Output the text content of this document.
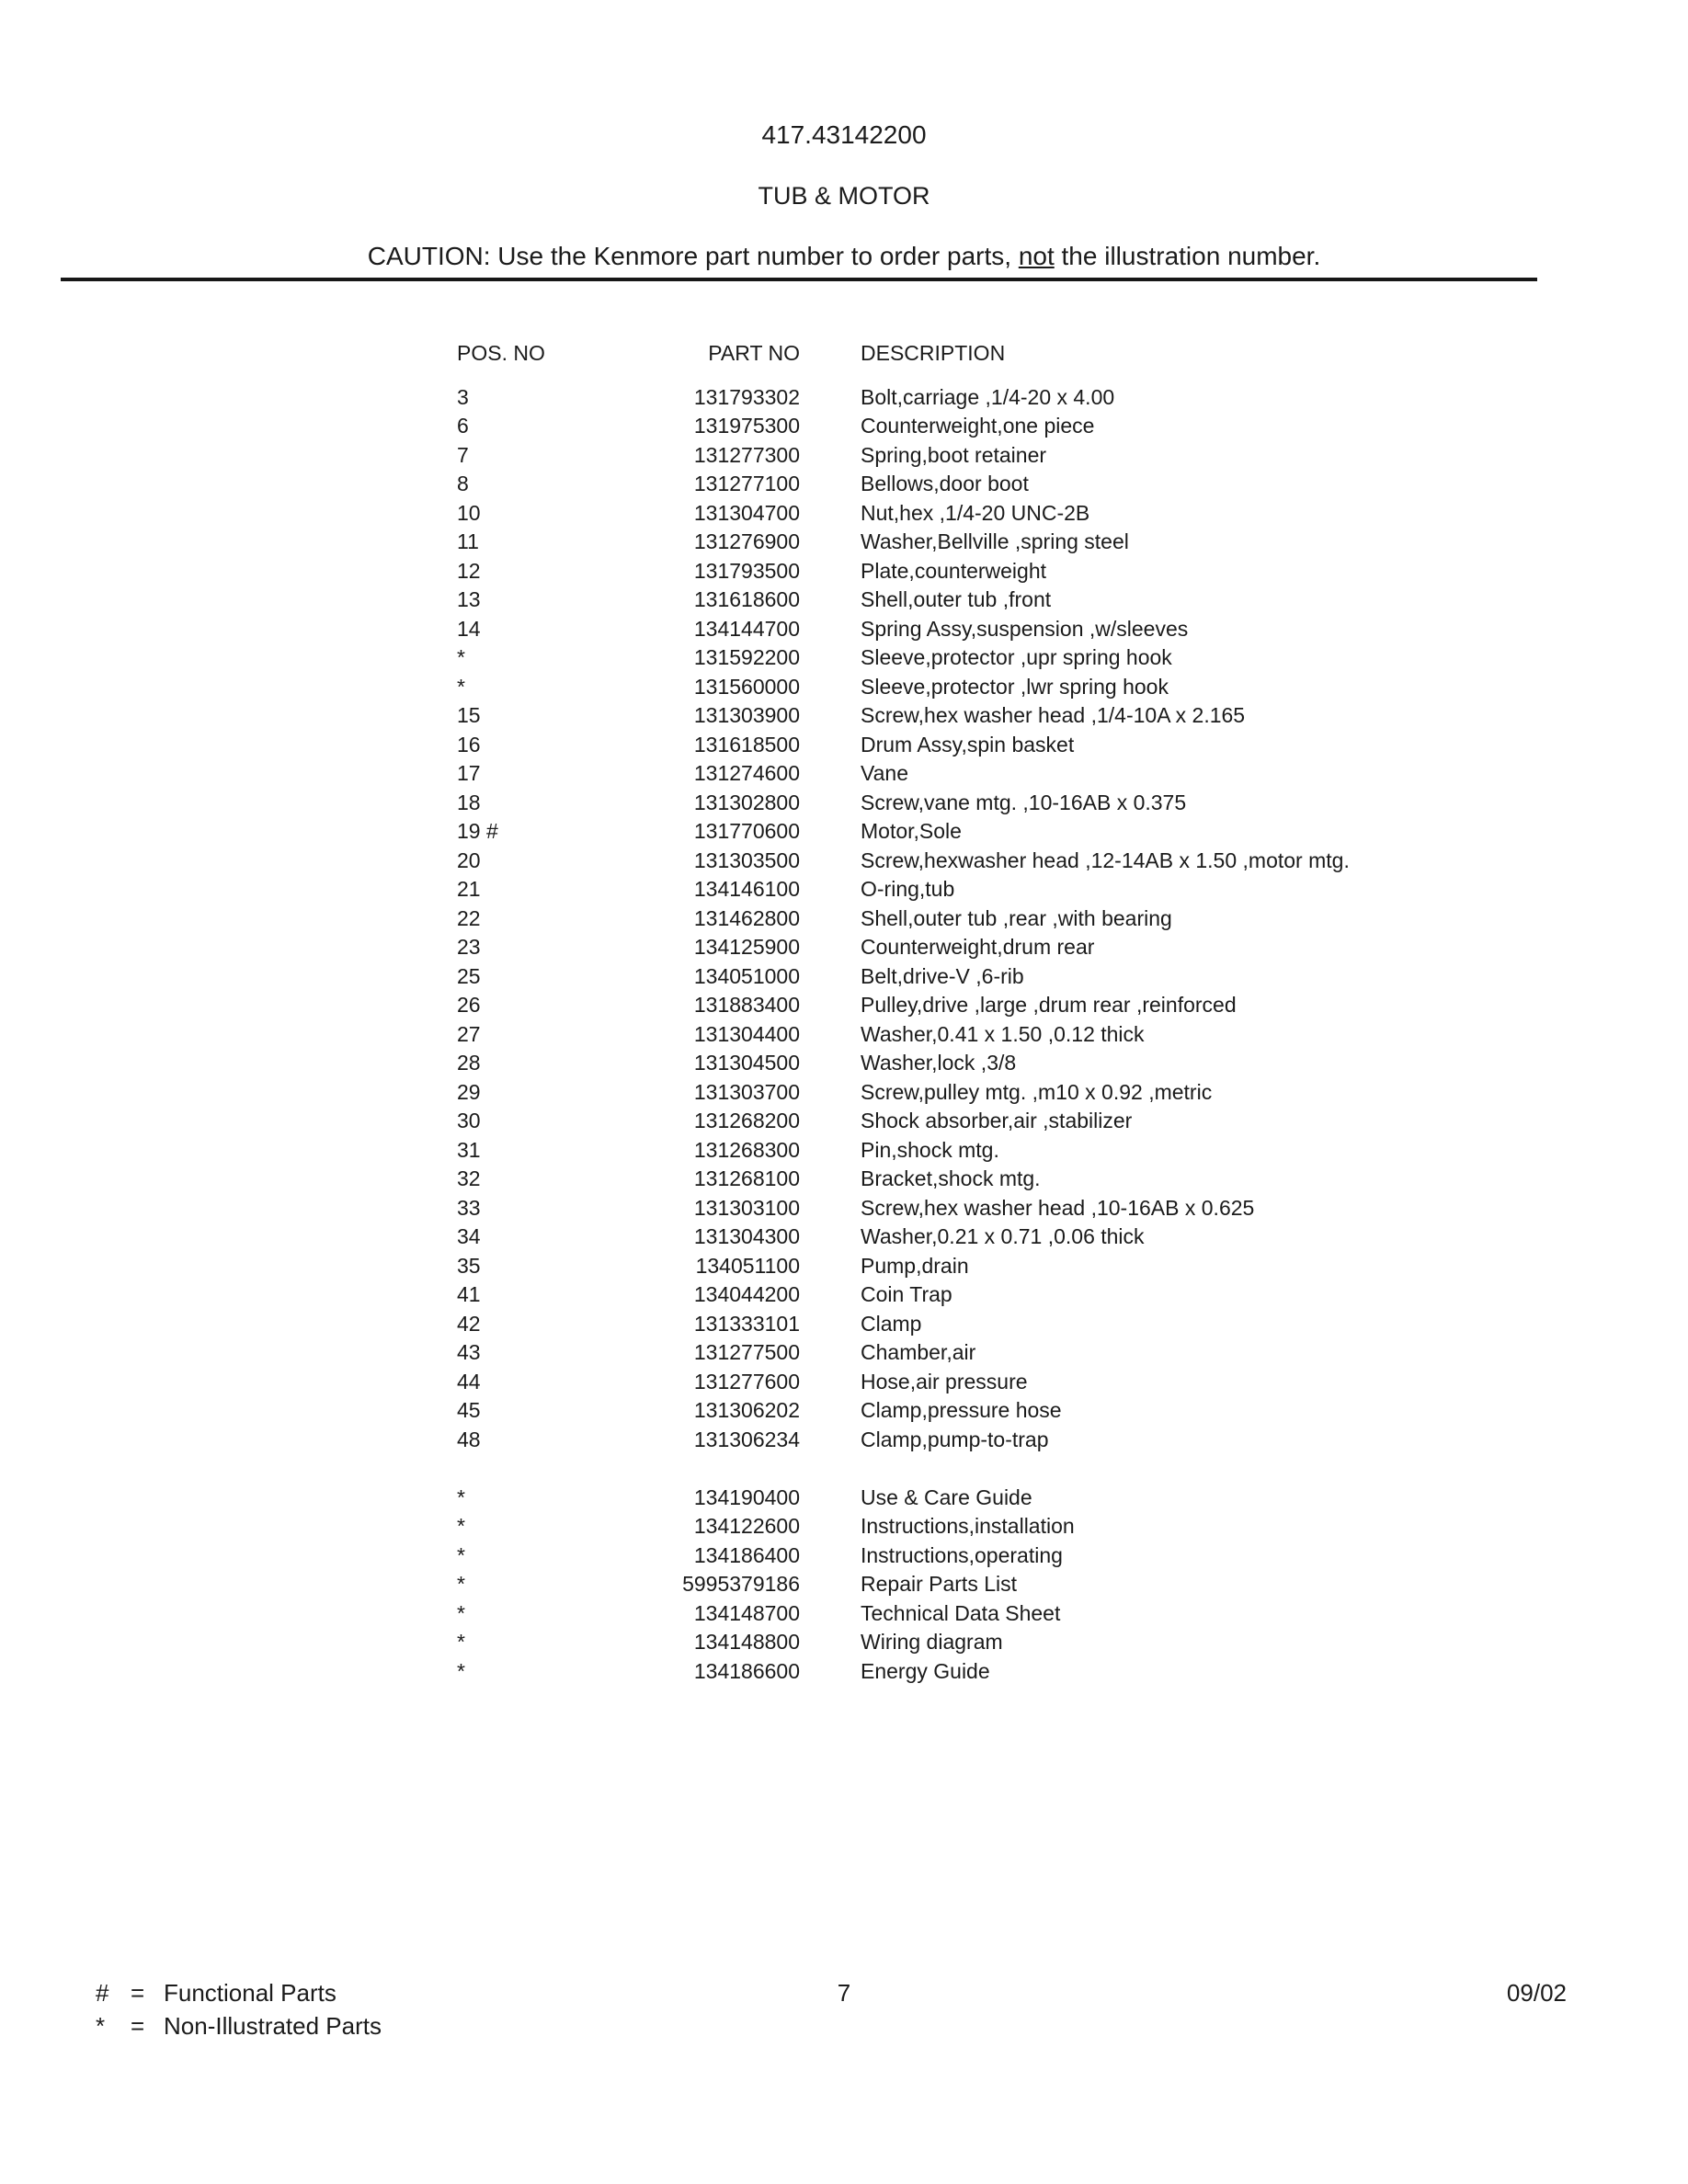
417.43142200
TUB & MOTOR
CAUTION: Use the Kenmore part number to order parts, not the illustration number.
POS. NO	PART NO	DESCRIPTION
3	131793302	Bolt,carriage ,1/4-20 x 4.00
6	131975300	Counterweight,one piece
7	131277300	Spring,boot retainer
8	131277100	Bellows,door boot
10	131304700	Nut,hex ,1/4-20 UNC-2B
11	131276900	Washer,Bellville ,spring steel
12	131793500	Plate,counterweight
13	131618600	Shell,outer tub ,front
14	134144700	Spring Assy,suspension ,w/sleeves
*	131592200	Sleeve,protector ,upr spring hook
*	131560000	Sleeve,protector ,lwr spring hook
15	131303900	Screw,hex washer head ,1/4-10A x 2.165
16	131618500	Drum Assy,spin basket
17	131274600	Vane
18	131302800	Screw,vane mtg. ,10-16AB x 0.375
19 #	131770600	Motor,Sole
20	131303500	Screw,hexwasher head ,12-14AB x 1.50 ,motor mtg.
21	134146100	O-ring,tub
22	131462800	Shell,outer tub ,rear ,with bearing
23	134125900	Counterweight,drum rear
25	134051000	Belt,drive-V ,6-rib
26	131883400	Pulley,drive ,large ,drum rear ,reinforced
27	131304400	Washer,0.41 x 1.50 ,0.12 thick
28	131304500	Washer,lock ,3/8
29	131303700	Screw,pulley mtg. ,m10 x 0.92 ,metric
30	131268200	Shock absorber,air ,stabilizer
31	131268300	Pin,shock mtg.
32	131268100	Bracket,shock mtg.
33	131303100	Screw,hex washer head ,10-16AB x 0.625
34	131304300	Washer,0.21 x 0.71 ,0.06 thick
35	134051100	Pump,drain
41	134044200	Coin Trap
42	131333101	Clamp
43	131277500	Chamber,air
44	131277600	Hose,air pressure
45	131306202	Clamp,pressure hose
48	131306234	Clamp,pump-to-trap
*	134190400	Use & Care Guide
*	134122600	Instructions,installation
*	134186400	Instructions,operating
*	5995379186	Repair Parts List
*	134148700	Technical Data Sheet
*	134148800	Wiring diagram
*	134186600	Energy Guide
# = Functional Parts
*	= Non-Illustrated Parts
7	09/02
